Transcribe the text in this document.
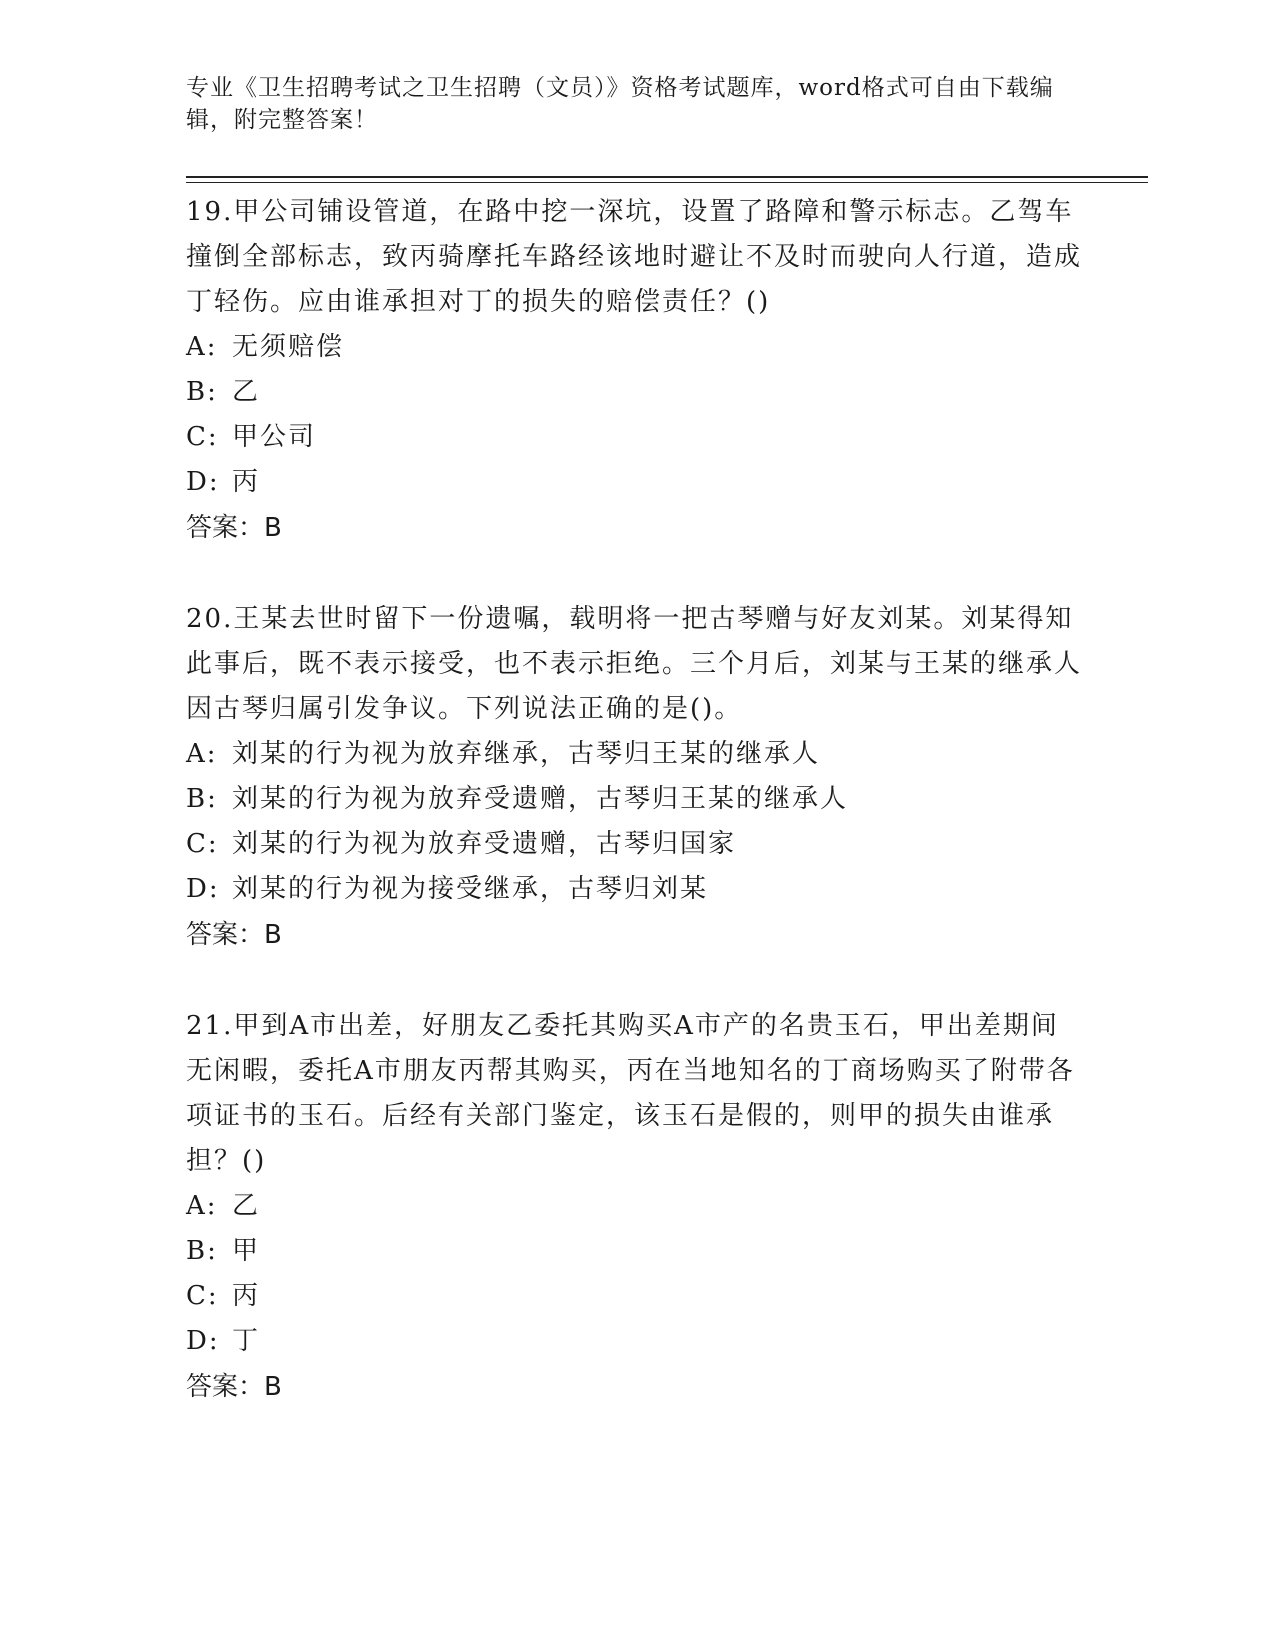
专业《卫生招聘考试之卫生招聘（文员）》资格考试题库，word格式可自由下载编辑，附完整答案！

19.甲公司铺设管道，在路中挖一深坑，设置了路障和警示标志。乙驾车撞倒全部标志，致丙骑摩托车路经该地时避让不及时而驶向人行道，造成丁轻伤。应由谁承担对丁的损失的赔偿责任？()

A: 无须赔偿

B: 乙

C: 甲公司

D: 丙

答案：B

20.王某去世时留下一份遗嘱，载明将一把古琴赠与好友刘某。刘某得知此事后，既不表示接受，也不表示拒绝。三个月后，刘某与王某的继承人因古琴归属引发争议。下列说法正确的是()。

A: 刘某的行为视为放弃继承，古琴归王某的继承人

B: 刘某的行为视为放弃受遗赠，古琴归王某的继承人

C: 刘某的行为视为放弃受遗赠，古琴归国家

D: 刘某的行为视为接受继承，古琴归刘某

答案：B

21.甲到A市出差，好朋友乙委托其购买A市产的名贵玉石，甲出差期间无闲暇，委托A市朋友丙帮其购买，丙在当地知名的丁商场购买了附带各项证书的玉石。后经有关部门鉴定，该玉石是假的，则甲的损失由谁承担？()

A: 乙

B: 甲

C: 丙

D: 丁

答案：B
